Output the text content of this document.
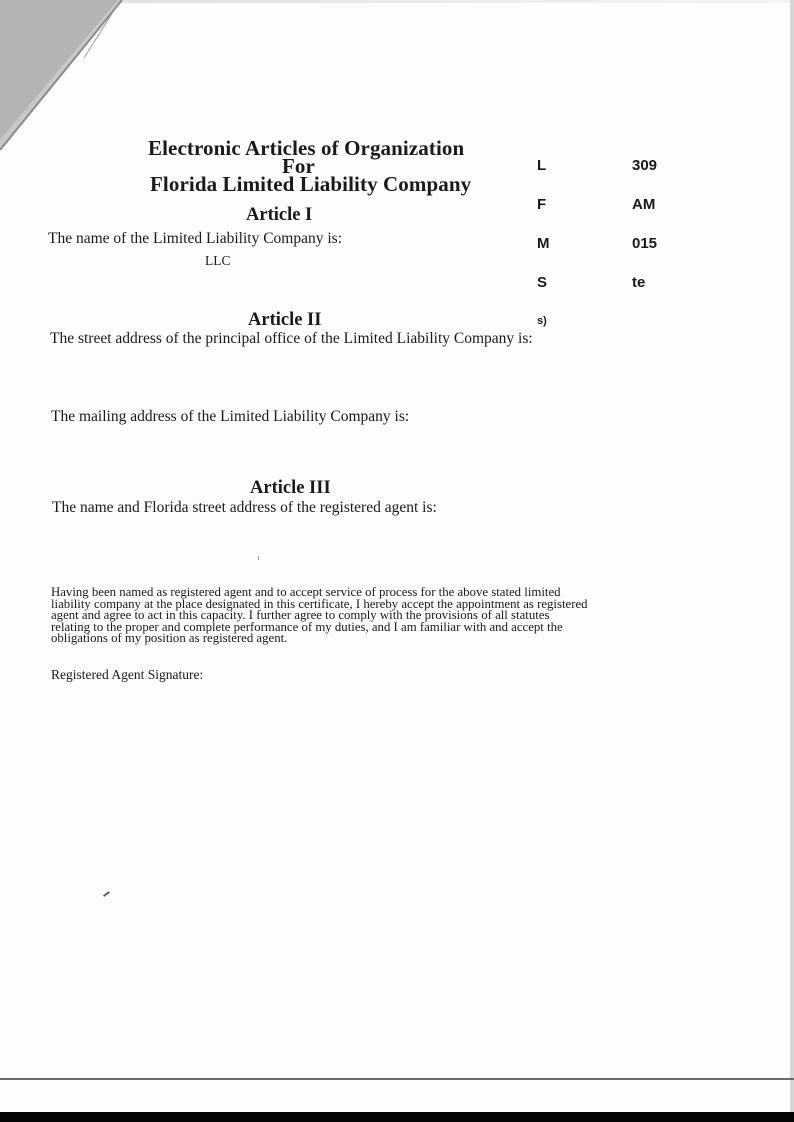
Electronic Articles of Organization
For
Florida Limited Liability Company

L

F

M

S

s)

309

AM

015

te

Article I
The name of the Limited Liability Company is:
LLC
Article II
The street address of the principal office of the Limited Liability Company is:
The mailing address of the Limited Liability Company is:
Article III
The name and Florida street address of the registered agent is:
Having been named as registered agent and to accept service of process for the above stated limited
liability company at the place designated in this certificate, I hereby accept the appointment as registered
agent and agree to act in this capacity. I further agree to comply with the provisions of all statutes
relating to the proper and complete performance of my duties, and I am familiar with and accept the
obligations of my position as registered agent.
Registered Agent Signature:
